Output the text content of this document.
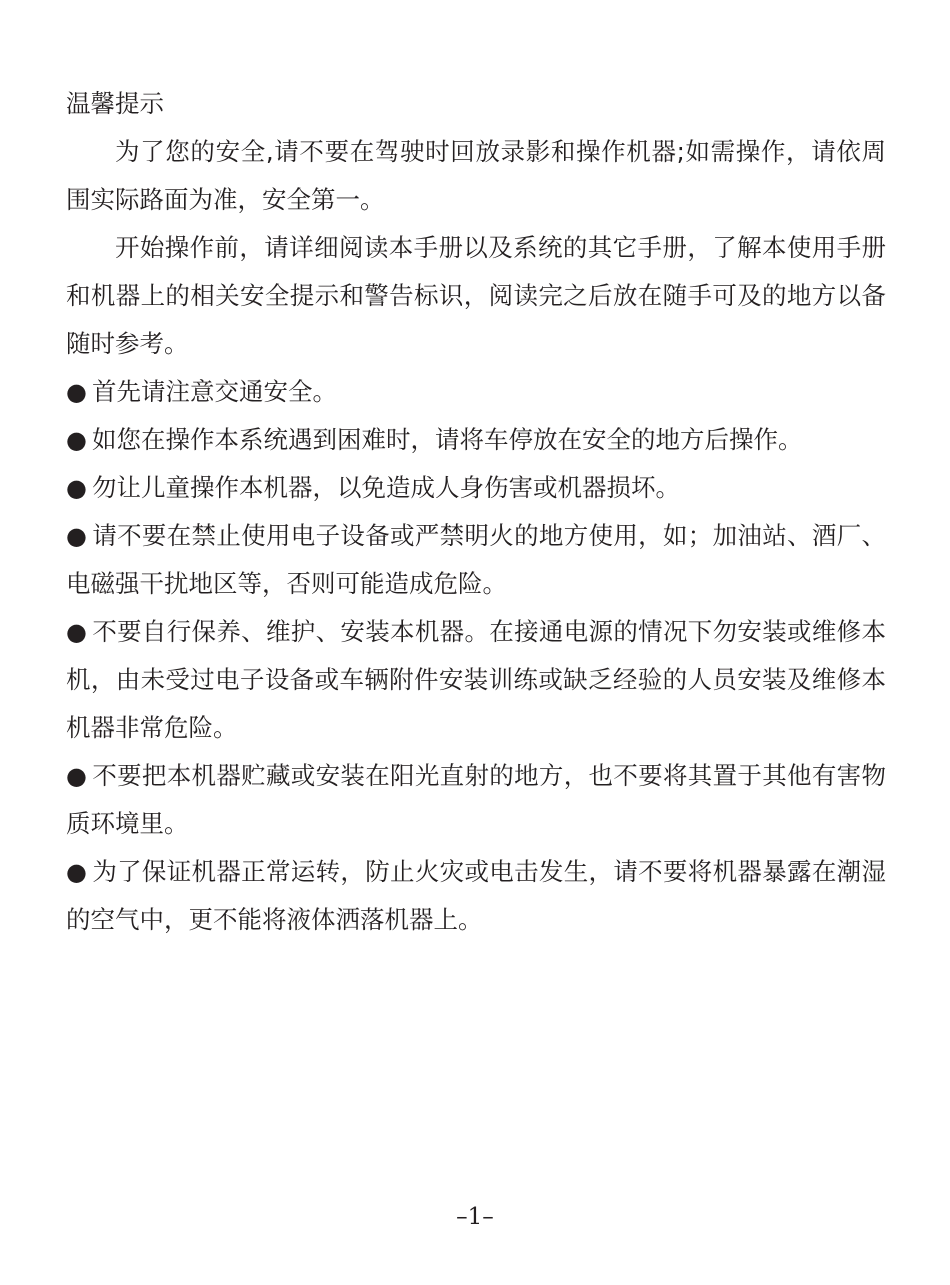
温馨提示

为了您的安全,请不要在驾驶时回放录影和操作机器;如需操作，请依周围实际路面为准，安全第一。

开始操作前，请详细阅读本手册以及系统的其它手册，了解本使用手册和机器上的相关安全提示和警告标识，阅读完之后放在随手可及的地方以备随时参考。

● 首先请注意交通安全。
● 如您在操作本系统遇到困难时，请将车停放在安全的地方后操作。
● 勿让儿童操作本机器，以免造成人身伤害或机器损坏。
● 请不要在禁止使用电子设备或严禁明火的地方使用，如；加油站、酒厂、电磁强干扰地区等，否则可能造成危险。
● 不要自行保养、维护、安装本机器。在接通电源的情况下勿安装或维修本机，由未受过电子设备或车辆附件安装训练或缺乏经验的人员安装及维修本机器非常危险。
● 不要把本机器贮藏或安装在阳光直射的地方，也不要将其置于其他有害物质环境里。
● 为了保证机器正常运转，防止火灾或电击发生，请不要将机器暴露在潮湿的空气中，更不能将液体洒落机器上。
–1–
